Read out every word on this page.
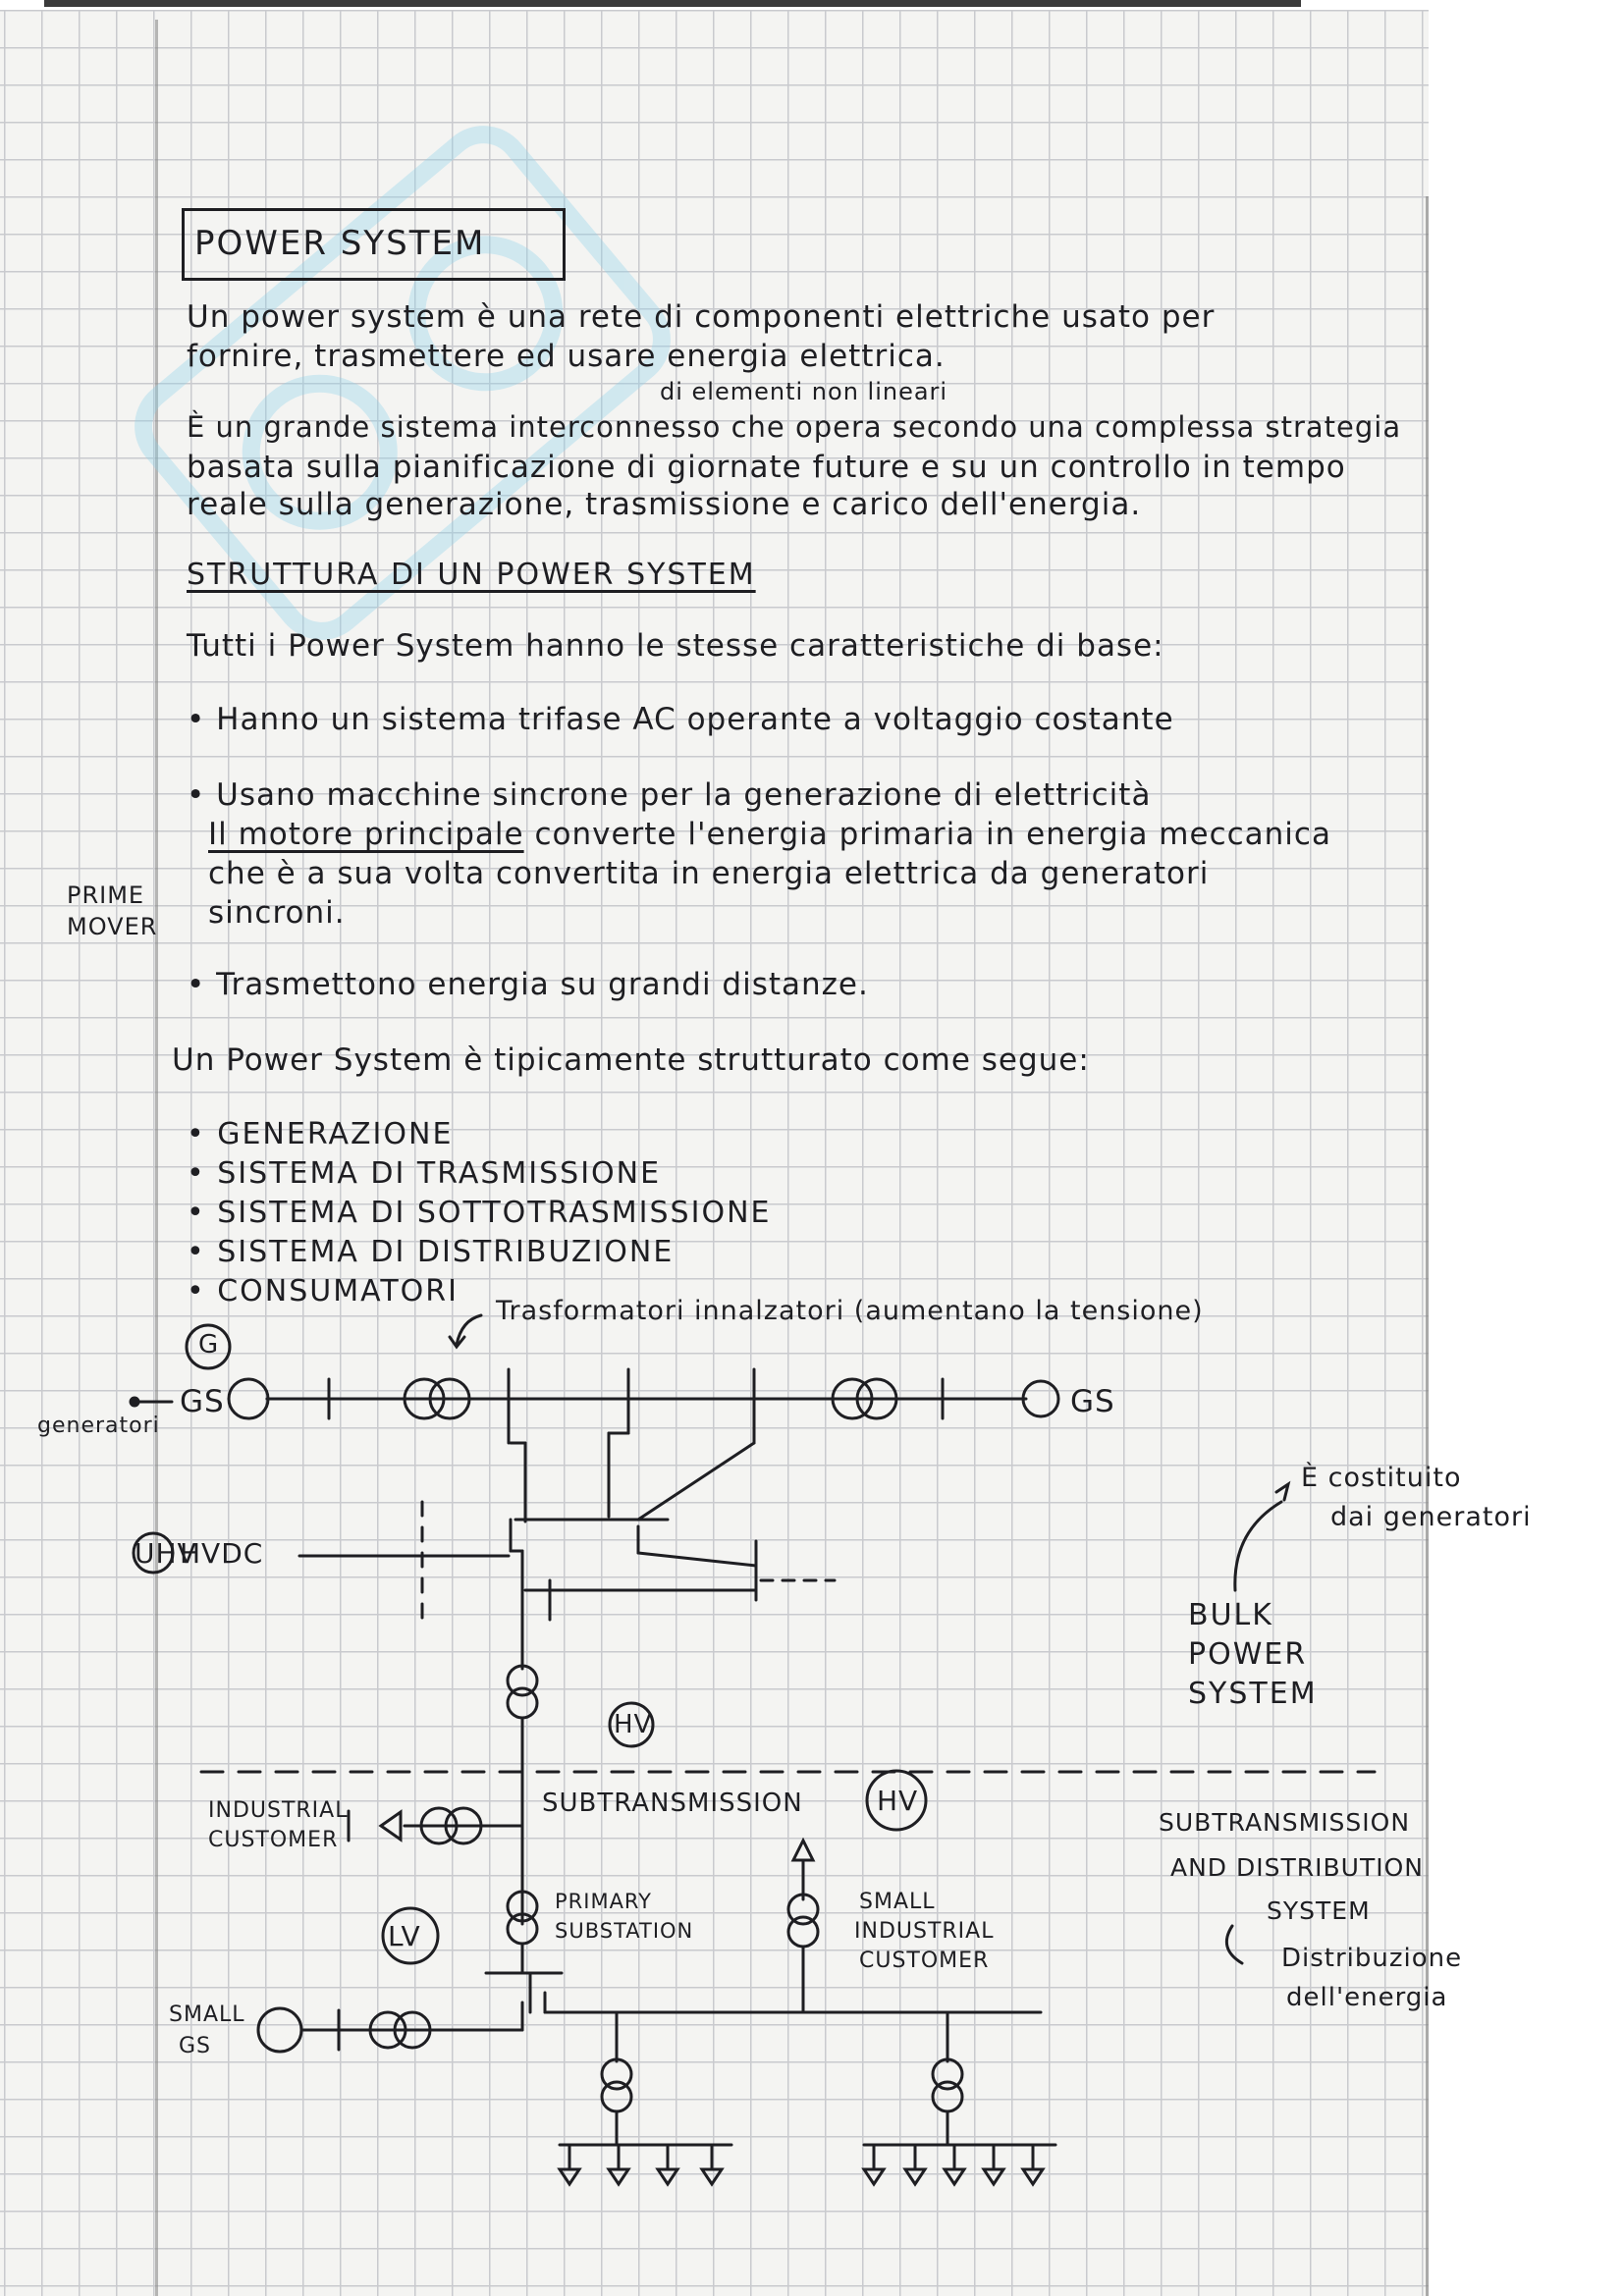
POWER SYSTEM
Un power system è una rete di componenti elettriche usato per
fornire, trasmettere ed usare energia elettrica.
di elementi non lineari
È un grande sistema interconnesso che opera secondo una complessa strategia
basata sulla pianificazione di giornate future e su un controllo in tempo
reale sulla generazione, trasmissione e carico dell'energia.
STRUTTURA DI UN POWER SYSTEM
Tutti i Power System hanno le stesse caratteristiche di base:
• Hanno un sistema trifase AC operante a voltaggio costante
• Usano macchine sincrone per la generazione di elettricità
Il motore principale converte l'energia primaria in energia meccanica
che è a sua volta convertita in energia elettrica da generatori
sincroni.
PRIME
MOVER
• Trasmettono energia su grandi distanze.
Un Power System è tipicamente strutturato come segue:
• GENERAZIONE
• SISTEMA DI TRASMISSIONE
• SISTEMA DI SOTTOTRASMISSIONE
• SISTEMA DI DISTRIBUZIONE
• CONSUMATORI
Trasformatori innalzatori (aumentano la tensione)
G
GS	GS
generatori
UHV
HVDC
HV
HV
LV
È costituito
dai generatori
BULK
POWER
SYSTEM
SUBTRANSMISSION
INDUSTRIAL
CUSTOMER
PRIMARY
SUBSTATION
SMALL
INDUSTRIAL
CUSTOMER
SMALL
GS
SUBTRANSMISSION
AND DISTRIBUTION
SYSTEM
Distribuzione
dell'energia
